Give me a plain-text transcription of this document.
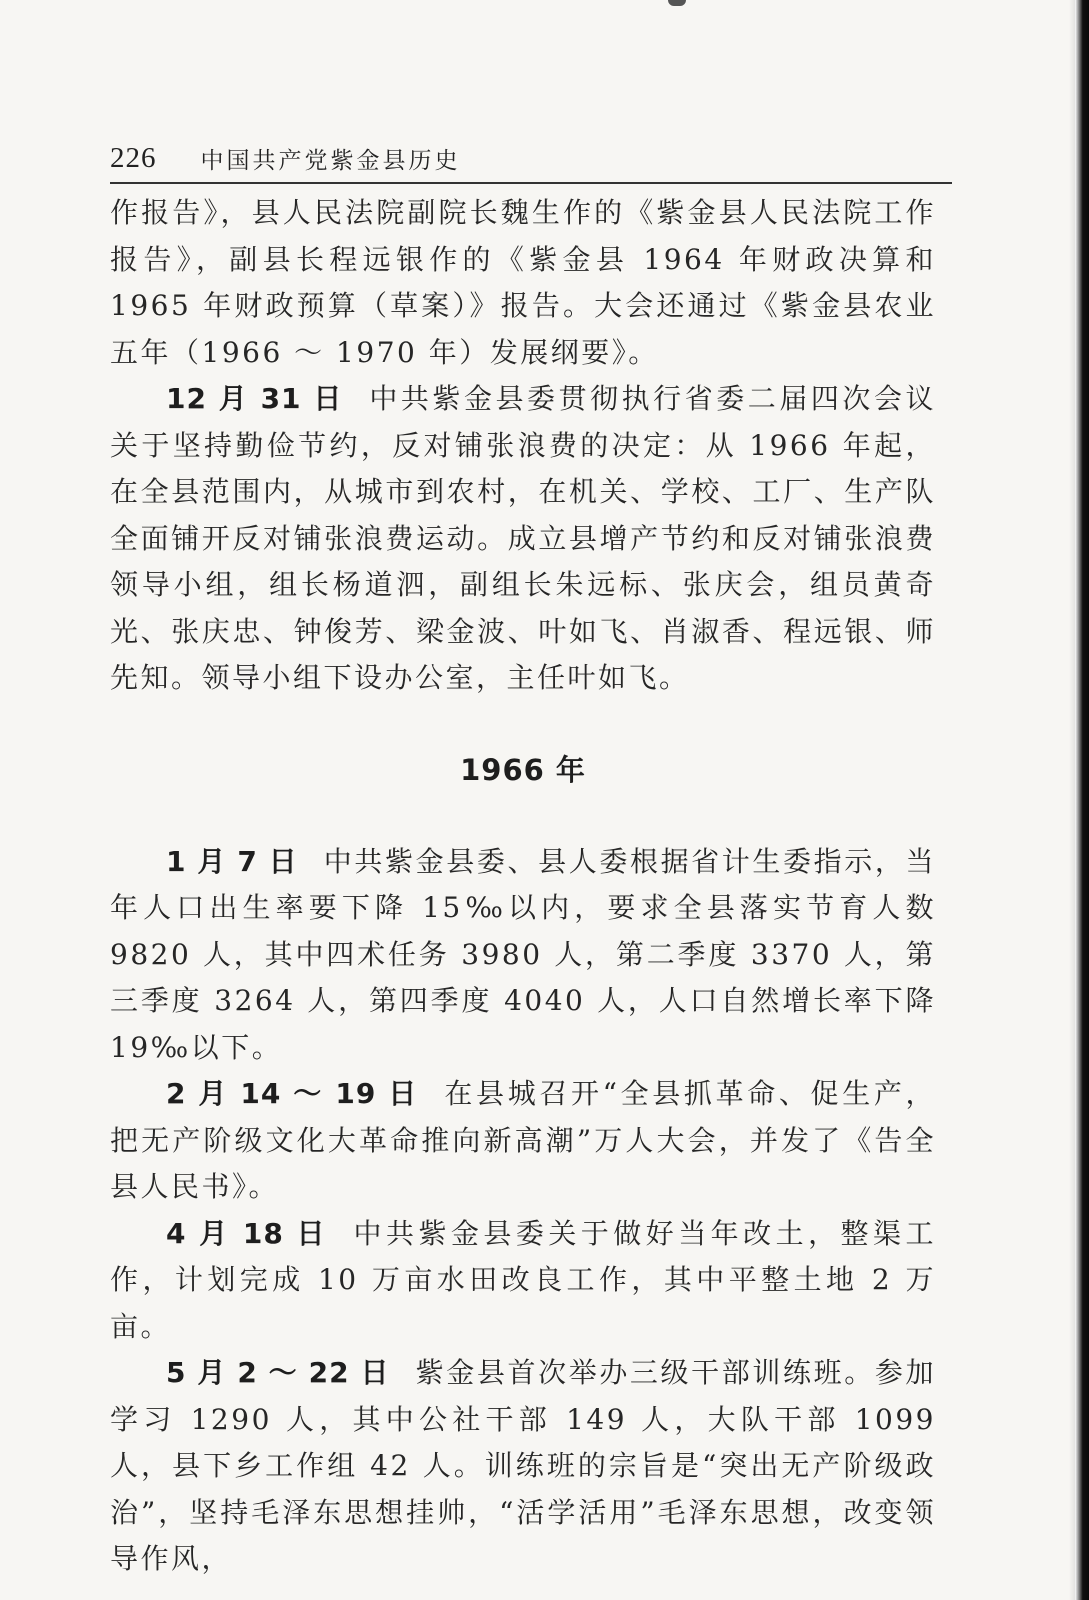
226 中国共产党紫金县历史

作报告》，县人民法院副院长魏生作的《紫金县人民法院工作报告》，副县长程远银作的《紫金县 1964 年财政决算和 1965 年财政预算（草案）》报告。大会还通过《紫金县农业五年（1966 ～ 1970 年）发展纲要》。

12 月 31 日 中共紫金县委贯彻执行省委二届四次会议关于坚持勤俭节约，反对铺张浪费的决定：从 1966 年起，在全县范围内，从城市到农村，在机关、学校、工厂、生产队全面铺开反对铺张浪费运动。成立县增产节约和反对铺张浪费领导小组，组长杨道泗，副组长朱远标、张庆会，组员黄奇光、张庆忠、钟俊芳、梁金波、叶如飞、肖淑香、程远银、师先知。领导小组下设办公室，主任叶如飞。

1966 年

1 月 7 日 中共紫金县委、县人委根据省计生委指示，当年人口出生率要下降 15‰以内，要求全县落实节育人数 9820 人，其中四术任务 3980 人，第二季度 3370 人，第三季度 3264 人，第四季度 4040 人，人口自然增长率下降 19‰以下。

2 月 14 ～ 19 日 在县城召开“全县抓革命、促生产，把无产阶级文化大革命推向新高潮”万人大会，并发了《告全县人民书》。

4 月 18 日 中共紫金县委关于做好当年改土，整渠工作，计划完成 10 万亩水田改良工作，其中平整土地 2 万亩。

5 月 2 ～ 22 日 紫金县首次举办三级干部训练班。参加学习 1290 人，其中公社干部 149 人，大队干部 1099 人，县下乡工作组 42 人。训练班的宗旨是“突出无产阶级政治”，坚持毛泽东思想挂帅，“活学活用”毛泽东思想，改变领导作风，
